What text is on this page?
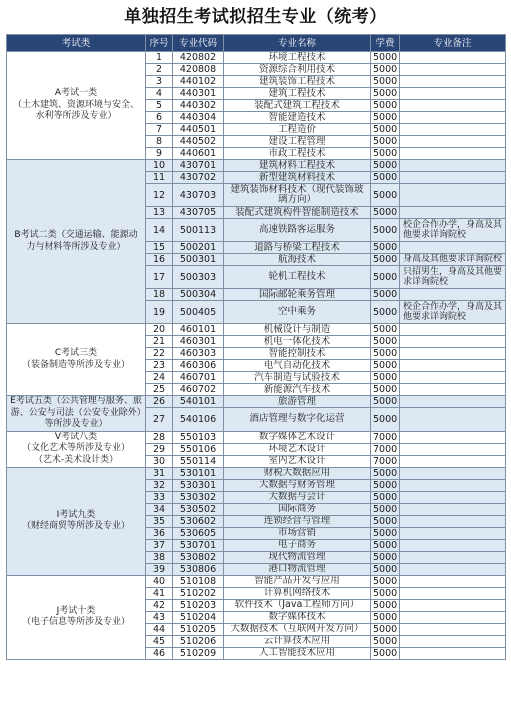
单独招生考试拟招生专业（统考）
考试类	序号	专业代码	专业名称	学费	专业备注
A考试一类
（土木建筑、资源环境与安全、水利等所涉及专业）	1	420802	环境工程技术	5000	
	2	420808	资源综合利用技术	5000	
	3	440102	建筑装饰工程技术	5000	
	4	440301	建筑工程技术	5000	
	5	440302	装配式建筑工程技术	5000	
	6	440304	智能建造技术	5000	
	7	440501	工程造价	5000	
	8	440502	建设工程管理	5000	
	9	440601	市政工程技术	5000	
B考试二类（交通运输、能源动力与材料等所涉及专业）	10	430701	建筑材料工程技术	5000	
	11	430702	新型建筑材料技术	5000	
	12	430703	建筑装饰材料技术（现代装饰玻璃方向）	5000	
	13	430705	装配式建筑构件智能制造技术	5000	
	14	500113	高速铁路客运服务	5000	校企合作办学，身高及其他要求详询院校
	15	500201	道路与桥梁工程技术	5000	
	16	500301	航海技术	5000	身高及其他要求详询院校
	17	500303	轮机工程技术	5000	只招男生，身高及其他要求详询院校
	18	500304	国际邮轮乘务管理	5000	
	19	500405	空中乘务	5000	校企合作办学，身高及其他要求详询院校
C考试三类
（装备制造等所涉及专业）	20	460101	机械设计与制造	5000	
	21	460301	机电一体化技术	5000	
	22	460303	智能控制技术	5000	
	23	460306	电气自动化技术	5000	
	24	460701	汽车制造与试验技术	5000	
	25	460702	新能源汽车技术	5000	
E考试五类（公共管理与服务、旅游、公安与司法（公安专业除外）等所涉及专业）	26	540101	旅游管理	5000	
	27	540106	酒店管理与数字化运营	5000	
V考试八类
（文化艺术等所涉及专业）
（艺术-美术设计类）	28	550103	数字媒体艺术设计	7000	
	29	550106	环境艺术设计	7000	
	30	550114	室内艺术设计	7000	
I考试九类
（财经商贸等所涉及专业）	31	530101	财税大数据应用	5000	
	32	530301	大数据与财务管理	5000	
	33	530302	大数据与会计	5000	
	34	530502	国际商务	5000	
	35	530602	连锁经营与管理	5000	
	36	530605	市场营销	5000	
	37	530701	电子商务	5000	
	38	530802	现代物流管理	5000	
	39	530806	港口物流管理	5000	
J考试十类
（电子信息等所涉及专业）	40	510108	智能产品开发与应用	5000	
	41	510202	计算机网络技术	5000	
	42	510203	软件技术（Java工程师方向）	5000	
	43	510204	数字媒体技术	5000	
	44	510205	大数据技术（互联网开发方向）	5000	
	45	510206	云计算技术应用	5000	
	46	510209	人工智能技术应用	5000	
